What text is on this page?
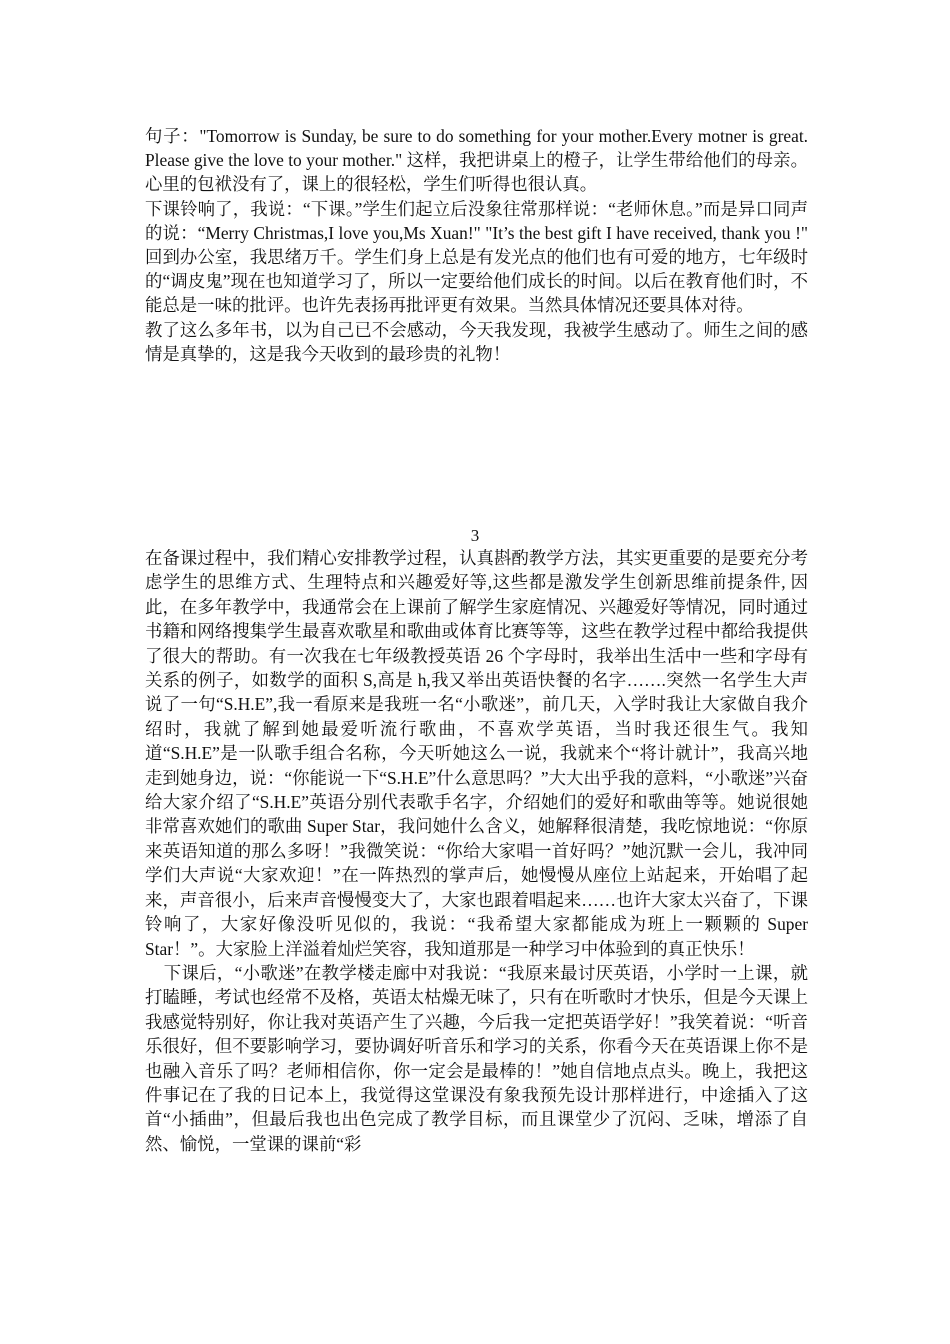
句子："Tomorrow is Sunday, be sure to do something for your mother.Every motner is great. Please give the love to your mother." 这样，我把讲桌上的橙子，让学生带给他们的母亲。心里的包袱没有了，课上的很轻松，学生们听得也很认真。

下课铃响了，我说：“下课。”学生们起立后没象往常那样说：“老师休息。”而是异口同声的说：“Merry Christmas,I love you,Ms Xuan!" "It’s the best gift I have received, thank you !" 回到办公室，我思绪万千。学生们身上总是有发光点的他们也有可爱的地方，七年级时的“调皮鬼”现在也知道学习了，所以一定要给他们成长的时间。以后在教育他们时，不能总是一味的批评。也许先表扬再批评更有效果。当然具体情况还要具体对待。

教了这么多年书，以为自己已不会感动，今天我发现，我被学生感动了。师生之间的感情是真挚的，这是我今天收到的最珍贵的礼物！

3

在备课过程中，我们精心安排教学过程，认真斟酌教学方法，其实更重要的是要充分考虑学生的思维方式、生理特点和兴趣爱好等,这些都是激发学生创新思维前提条件, 因此，在多年教学中，我通常会在上课前了解学生家庭情况、兴趣爱好等情况，同时通过书籍和网络搜集学生最喜欢歌星和歌曲或体育比赛等等，这些在教学过程中都给我提供了很大的帮助。有一次我在七年级教授英语 26 个字母时，我举出生活中一些和字母有关系的例子，如数学的面积 S,高是 h,我又举出英语快餐的名字…….突然一名学生大声说了一句“S.H.E”,我一看原来是我班一名“小歌迷”，前几天，入学时我让大家做自我介绍时，我就了解到她最爱听流行歌曲，不喜欢学英语，当时我还很生气。我知道“S.H.E”是一队歌手组合名称，今天听她这么一说，我就来个“将计就计”，我高兴地走到她身边，说：“你能说一下“S.H.E”什么意思吗？”大大出乎我的意料，“小歌迷”兴奋给大家介绍了“S.H.E”英语分别代表歌手名字，介绍她们的爱好和歌曲等等。她说很她非常喜欢她们的歌曲 Super Star，我问她什么含义，她解释很清楚，我吃惊地说：“你原来英语知道的那么多呀！”我微笑说：“你给大家唱一首好吗？”她沉默一会儿，我冲同学们大声说“大家欢迎！”在一阵热烈的掌声后，她慢慢从座位上站起来，开始唱了起来，声音很小，后来声音慢慢变大了，大家也跟着唱起来……也许大家太兴奋了，下课铃响了，大家好像没听见似的，我说：“我希望大家都能成为班上一颗颗的 Super Star！”。大家脸上洋溢着灿烂笑容，我知道那是一种学习中体验到的真正快乐！

下课后，“小歌迷”在教学楼走廊中对我说：“我原来最讨厌英语，小学时一上课，就打瞌睡，考试也经常不及格，英语太枯燥无味了，只有在听歌时才快乐，但是今天课上我感觉特别好，你让我对英语产生了兴趣，今后我一定把英语学好！”我笑着说：“听音乐很好，但不要影响学习，要协调好听音乐和学习的关系，你看今天在英语课上你不是也融入音乐了吗？老师相信你，你一定会是最棒的！”她自信地点点头。晚上，我把这件事记在了我的日记本上，我觉得这堂课没有象我预先设计那样进行，中途插入了这首“小插曲”，但最后我也出色完成了教学目标，而且课堂少了沉闷、乏味，增添了自然、愉悦，一堂课的课前“彩
